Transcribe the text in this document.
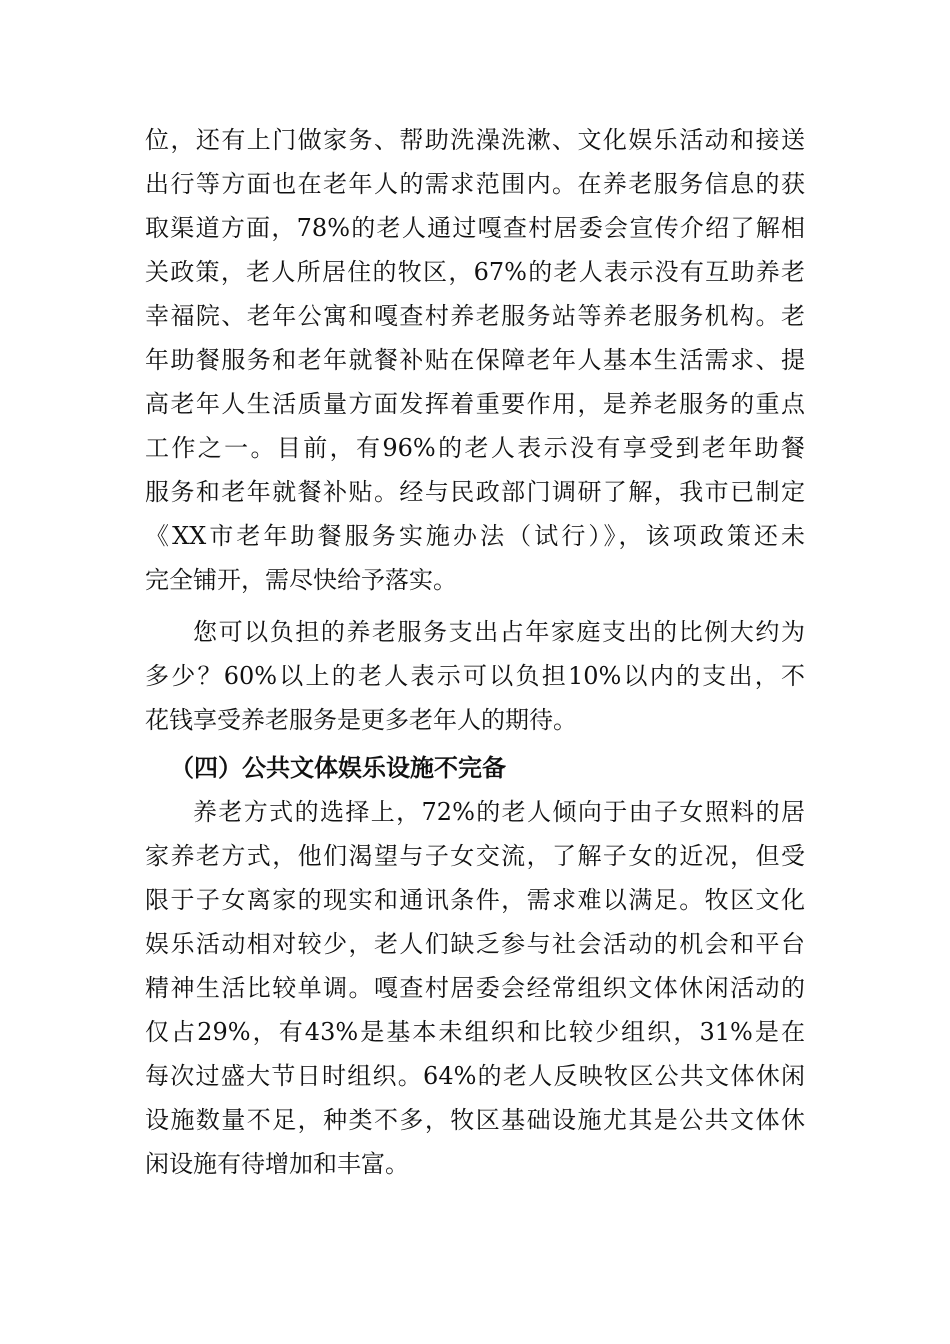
位，还有上门做家务、帮助洗澡洗漱、文化娱乐活动和接送
出行等方面也在老年人的需求范围内。在养老服务信息的获
取渠道方面，78%的老人通过嘎查村居委会宣传介绍了解相
关政策，老人所居住的牧区，67%的老人表示没有互助养老
幸福院、老年公寓和嘎查村养老服务站等养老服务机构。老
年助餐服务和老年就餐补贴在保障老年人基本生活需求、提
高老年人生活质量方面发挥着重要作用，是养老服务的重点
工作之一。目前，有96%的老人表示没有享受到老年助餐
服务和老年就餐补贴。经与民政部门调研了解，我市已制定
《XX市老年助餐服务实施办法（试行）》，该项政策还未
完全铺开，需尽快给予落实。
您可以负担的养老服务支出占年家庭支出的比例大约为
多少？60%以上的老人表示可以负担10%以内的支出，不
花钱享受养老服务是更多老年人的期待。
（四）公共文体娱乐设施不完备
养老方式的选择上，72%的老人倾向于由子女照料的居
家养老方式，他们渴望与子女交流，了解子女的近况，但受
限于子女离家的现实和通讯条件，需求难以满足。牧区文化
娱乐活动相对较少，老人们缺乏参与社会活动的机会和平台
精神生活比较单调。嘎查村居委会经常组织文体休闲活动的
仅占29%，有43%是基本未组织和比较少组织，31%是在
每次过盛大节日时组织。64%的老人反映牧区公共文体休闲
设施数量不足，种类不多，牧区基础设施尤其是公共文体休
闲设施有待增加和丰富。
